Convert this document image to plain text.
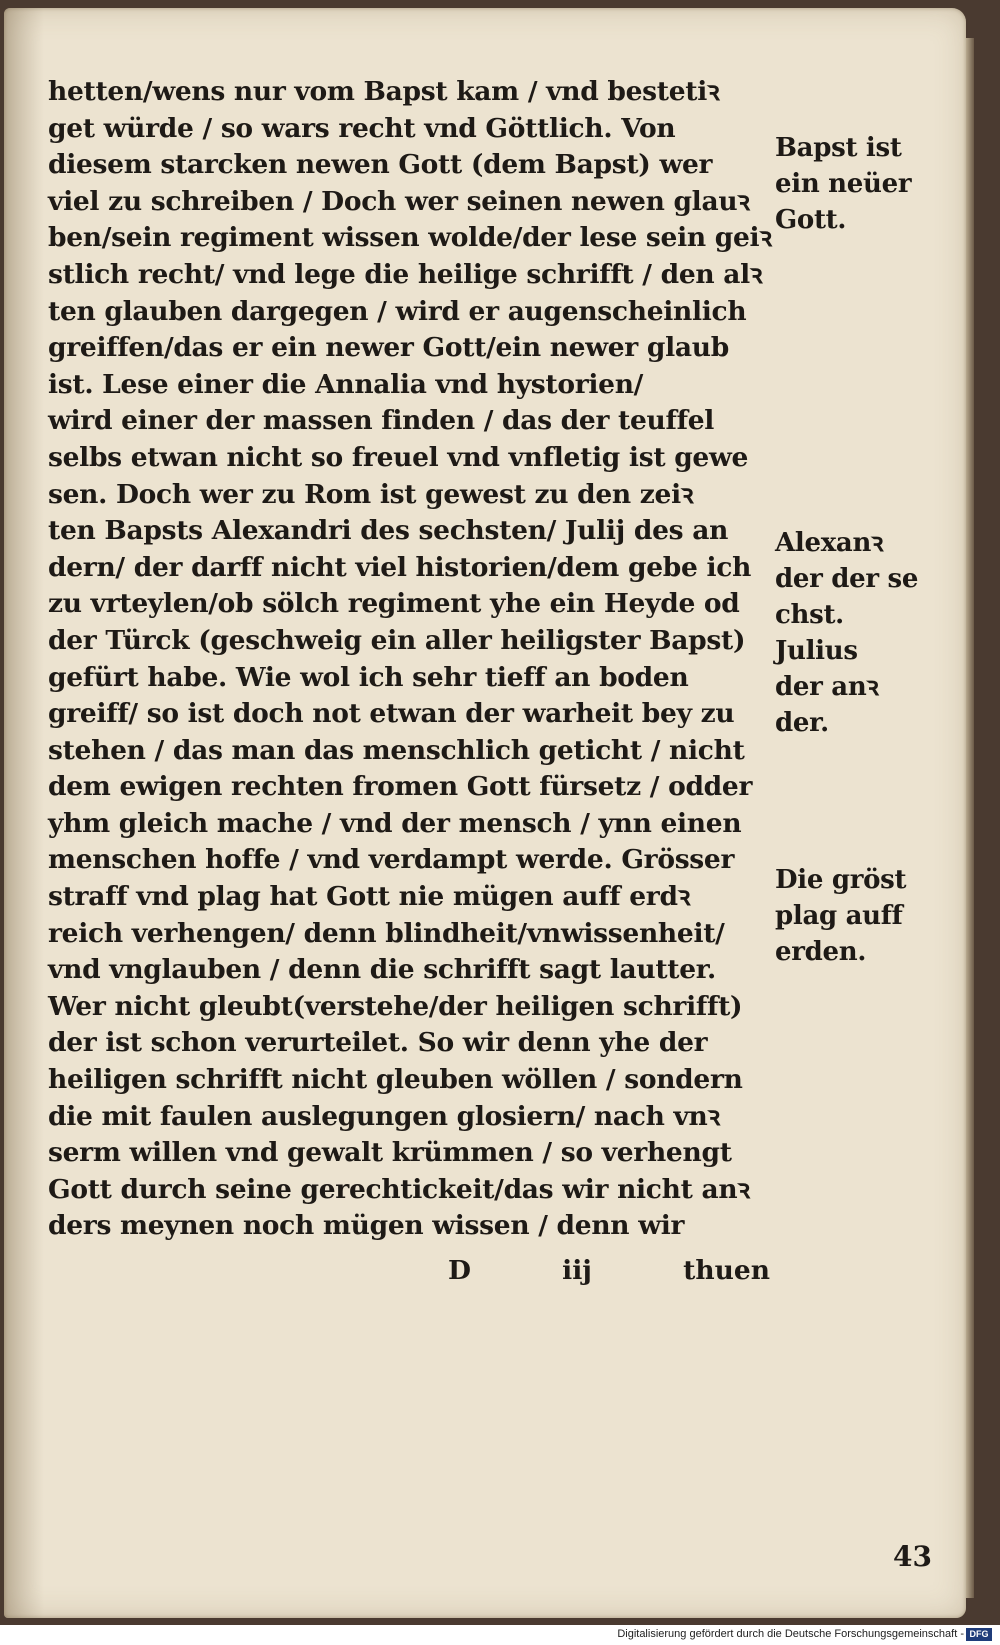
hetten/wens nur vom Bapst kam / vnd bestetiꝛ
get würde / so wars recht vnd Göttlich. Von
diesem starcken newen Gott (dem Bapst) wer
viel zu schreiben / Doch wer seinen newen glauꝛ
ben/sein regiment wissen wolde/der lese sein geiꝛ
stlich recht/ vnd lege die heilige schrifft / den alꝛ
ten glauben dargegen / wird er augenscheinlich
greiffen/das er ein newer Gott/ein newer glaub
ist. Lese einer die Annalia vnd hystorien/
wird einer der massen finden / das der teuffel
selbs etwan nicht so freuel vnd vnfletig ist gewe
sen. Doch wer zu Rom ist gewest zu den zeiꝛ
ten Bapsts Alexandri des sechsten/ Julij des an
dern/ der darff nicht viel historien/dem gebe ich
zu vrteylen/ob sölch regiment yhe ein Heyde od
der Türck (geschweig ein aller heiligster Bapst)
gefürt habe. Wie wol ich sehr tieff an boden
greiff/ so ist doch not etwan der warheit bey zu
stehen / das man das menschlich geticht / nicht
dem ewigen rechten fromen Gott fürsetz / odder
yhm gleich mache / vnd der mensch / ynn einen
menschen hoffe / vnd verdampt werde. Grösser
straff vnd plag hat Gott nie mügen auff erdꝛ
reich verhengen/ denn blindheit/vnwissenheit/
vnd vnglauben / denn die schrifft sagt lautter.
Wer nicht gleubt(verstehe/der heiligen schrifft)
der ist schon verurteilet. So wir denn yhe der
heiligen schrifft nicht gleuben wöllen / sondern
die mit faulen auslegungen glosiern/ nach vnꝛ
serm willen vnd gewalt krümmen / so verhengt
Gott durch seine gerechtickeit/das wir nicht anꝛ
ders meynen noch mügen wissen / denn wir
D	iij	thuen
Bapst ist
ein neüer
Gott.
Alexanꝛ
der der se
chst.
Julius
der anꝛ
der.
Die gröst
plag auff
erden.
43
Digitalisierung gefördert durch die Deutsche Forschungsgemeinschaft - DFG
